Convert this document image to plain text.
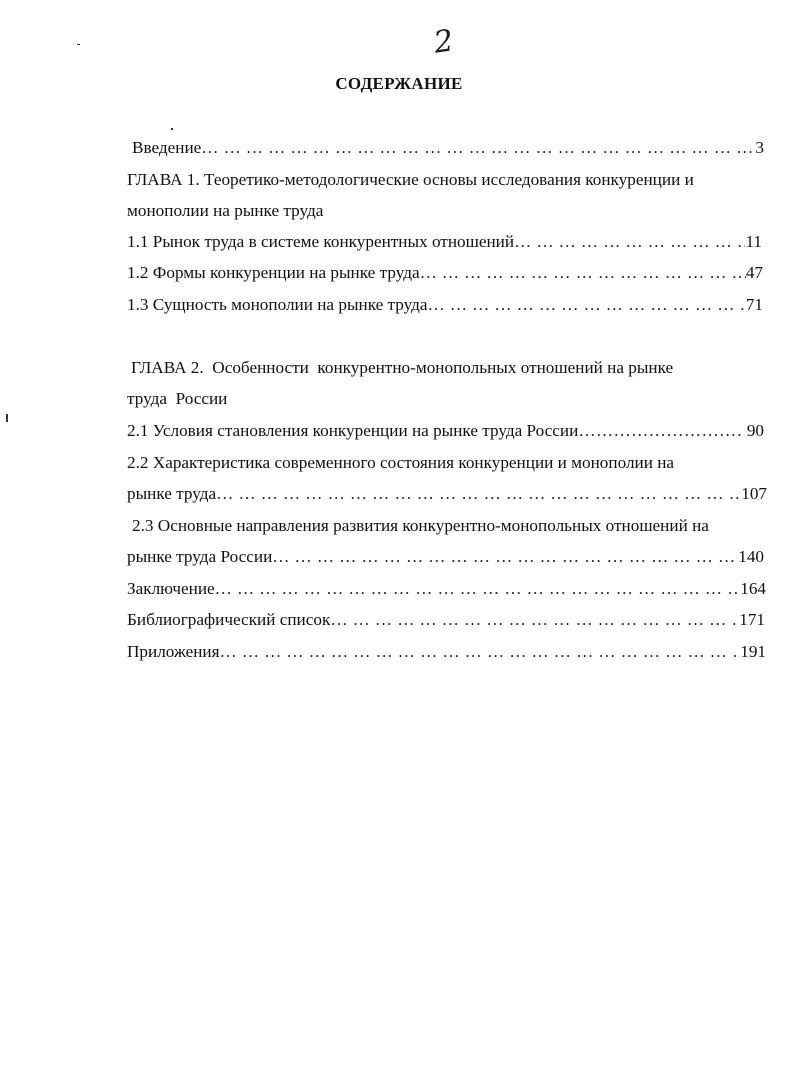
2
СОДЕРЖАНИЕ
Введение … … … … … … … … … … … … … … … … … … … … … … … … … … … … … … … … … … … … … … … … … … … … … … … … … … … … … … … …	3
ГЛАВА 1. Теоретико-методологические основы исследования конкуренции и
монополии на рынке труда
1.1 Рынок труда в системе конкурентных отношений … … … … … … … … … … … … … … … … … … … … … … … … … … … … … … … … … … … … … … … … … … … … … … … … … … … … … … … …	11
1.2 Формы конкуренции на рынке труда … … … … … … … … … … … … … … … … … … … … … … … … … … … … … … … … … … … … … … … … … … … … … … … … … … … … … … … …	47
1.3 Сущность монополии на рынке труда … … … … … … … … … … … … … … … … … … … … … … … … … … … … … … … … … … … … … … … … … … … … … … … … … … … … … … … …	71
ГЛАВА 2.  Особенности  конкурентно-монопольных отношений на рынке
труда  России
2.1 Условия становления конкуренции на рынке труда России ……………………………………………………………………………………………………………………………	90
2.2 Характеристика современного состояния конкуренции и монополии на
рынке труда … … … … … … … … … … … … … … … … … … … … … … … … … … … … … … … … … … … … … … … … … … … … … … … … … … … … … … … …	107
2.3 Основные направления развития конкурентно-монопольных отношений на
рынке труда России … … … … … … … … … … … … … … … … … … … … … … … … … … … … … … … … … … … … … … … … … … … … … … … … … … … … … … … …	140
Заключение … … … … … … … … … … … … … … … … … … … … … … … … … … … … … … … … … … … … … … … … … … … … … … … … … … … … … … … …	164
Библиографический список … … … … … … … … … … … … … … … … … … … … … … … … … … … … … … … … … … … … … … … … … … … … … … … … … … … … … … … …	171
Приложения … … … … … … … … … … … … … … … … … … … … … … … … … … … … … … … … … … … … … … … … … … … … … … … … … … … … … … … …	191
